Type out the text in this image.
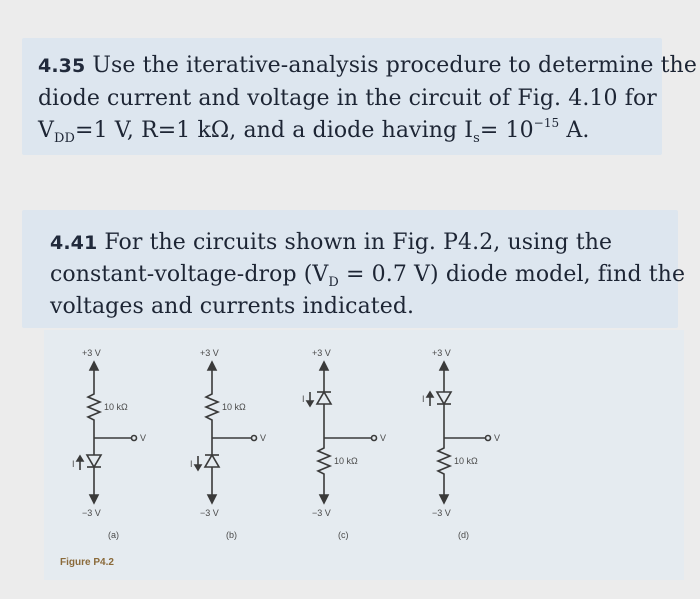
4.35 Use the iterative-analysis procedure to determine the
diode current and voltage in the circuit of Fig. 4.10 for
$V_{DD}=1$ V, R=1 kΩ, and a diode having $I_s= 10^{-15}$ A.
4.41 For the circuits shown in Fig. P4.2, using the
constant-voltage-drop ($V_D = 0.7$ V) diode model, find the
voltages and currents indicated.
+3 V
10 kΩ
V
I
−3 V
(a)
+3 V
10 kΩ
V
I
−3 V
(b)
+3 V
I
V
10 kΩ
−3 V
(c)
+3 V
I
V
10 kΩ
−3 V
(d)
Figure P4.2
